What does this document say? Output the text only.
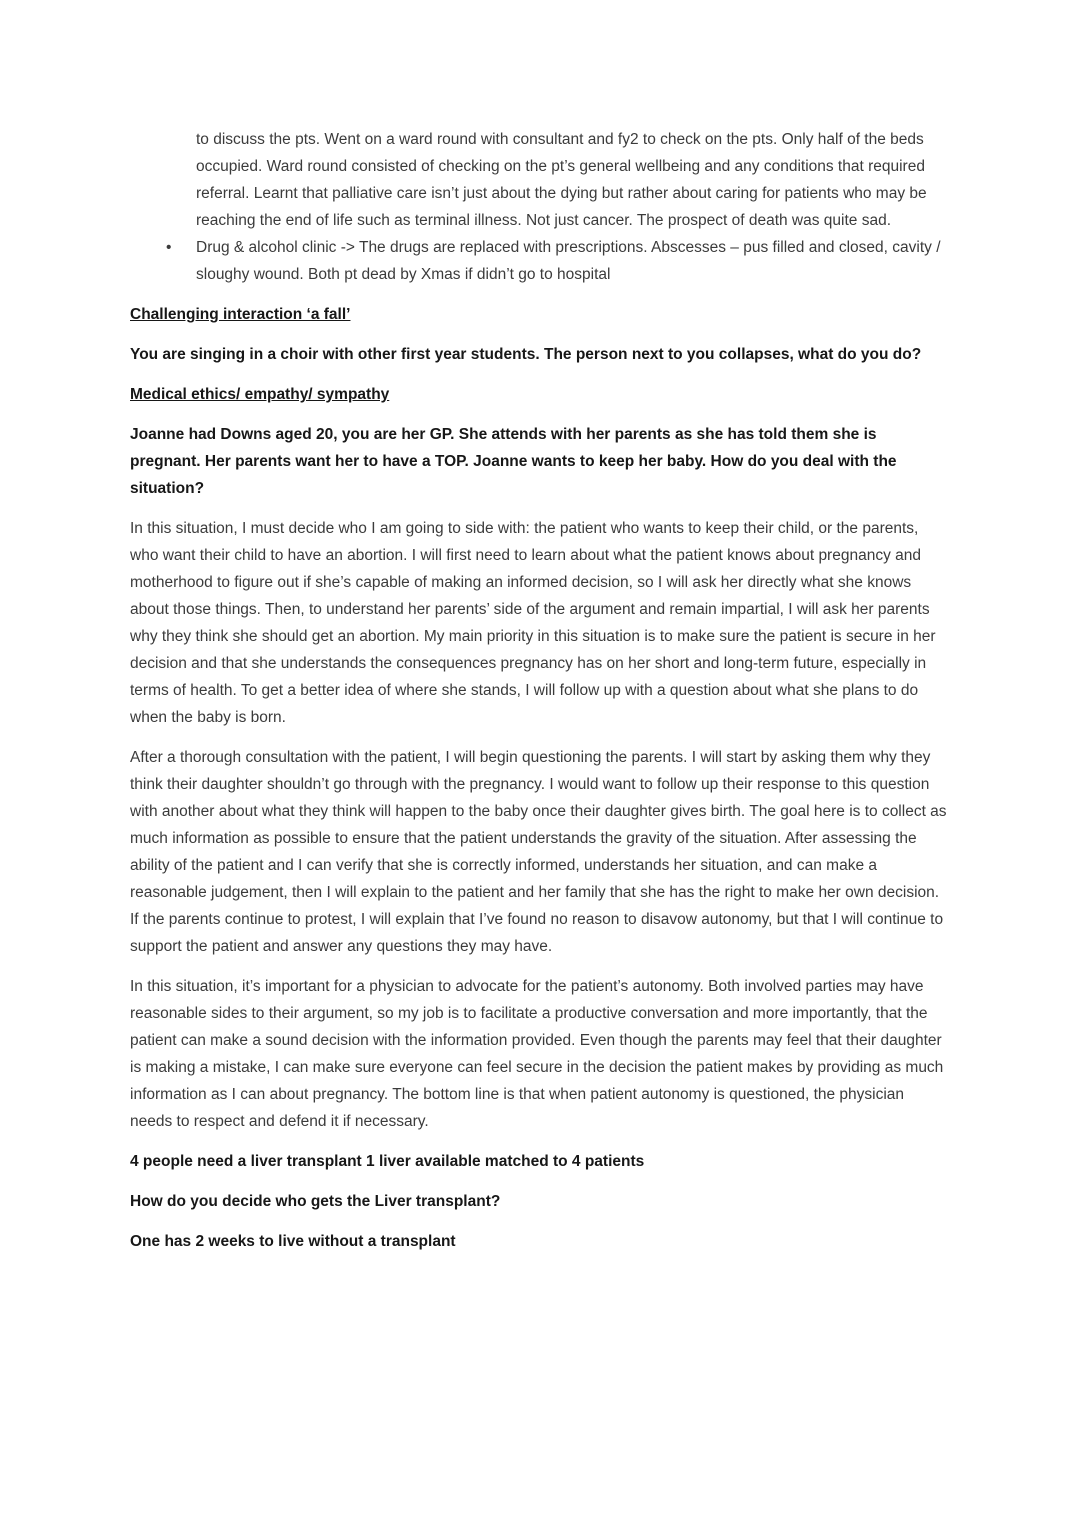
to discuss the pts. Went on a ward round with consultant and fy2 to check on the pts. Only half of the beds occupied. Ward round consisted of checking on the pt’s general wellbeing and any conditions that required referral. Learnt that palliative care isn’t just about the dying but rather about caring for patients who may be reaching the end of life such as terminal illness. Not just cancer. The prospect of death was quite sad.
• Drug & alcohol clinic -> The drugs are replaced with prescriptions. Abscesses – pus filled and closed, cavity / sloughy wound. Both pt dead by Xmas if didn’t go to hospital
Challenging interaction ‘a fall’

You are singing in a choir with other first year students. The person next to you collapses, what do you do?

Medical ethics/ empathy/ sympathy

Joanne had Downs aged 20, you are her GP. She attends with her parents as she has told them she is pregnant. Her parents want her to have a TOP. Joanne wants to keep her baby. How do you deal with the situation?

In this situation, I must decide who I am going to side with: the patient who wants to keep their child, or the parents, who want their child to have an abortion. I will first need to learn about what the patient knows about pregnancy and motherhood to figure out if she’s capable of making an informed decision, so I will ask her directly what she knows about those things. Then, to understand her parents’ side of the argument and remain impartial, I will ask her parents why they think she should get an abortion. My main priority in this situation is to make sure the patient is secure in her decision and that she understands the consequences pregnancy has on her short and long-term future, especially in terms of health. To get a better idea of where she stands, I will follow up with a question about what she plans to do when the baby is born.

After a thorough consultation with the patient, I will begin questioning the parents. I will start by asking them why they think their daughter shouldn’t go through with the pregnancy. I would want to follow up their response to this question with another about what they think will happen to the baby once their daughter gives birth. The goal here is to collect as much information as possible to ensure that the patient understands the gravity of the situation. After assessing the ability of the patient and I can verify that she is correctly informed, understands her situation, and can make a reasonable judgement, then I will explain to the patient and her family that she has the right to make her own decision. If the parents continue to protest, I will explain that I’ve found no reason to disavow autonomy, but that I will continue to support the patient and answer any questions they may have.

In this situation, it’s important for a physician to advocate for the patient’s autonomy. Both involved parties may have reasonable sides to their argument, so my job is to facilitate a productive conversation and more importantly, that the patient can make a sound decision with the information provided. Even though the parents may feel that their daughter is making a mistake, I can make sure everyone can feel secure in the decision the patient makes by providing as much information as I can about pregnancy. The bottom line is that when patient autonomy is questioned, the physician needs to respect and defend it if necessary.

4 people need a liver transplant 1 liver available matched to 4 patients

How do you decide who gets the Liver transplant?

One has 2 weeks to live without a transplant
